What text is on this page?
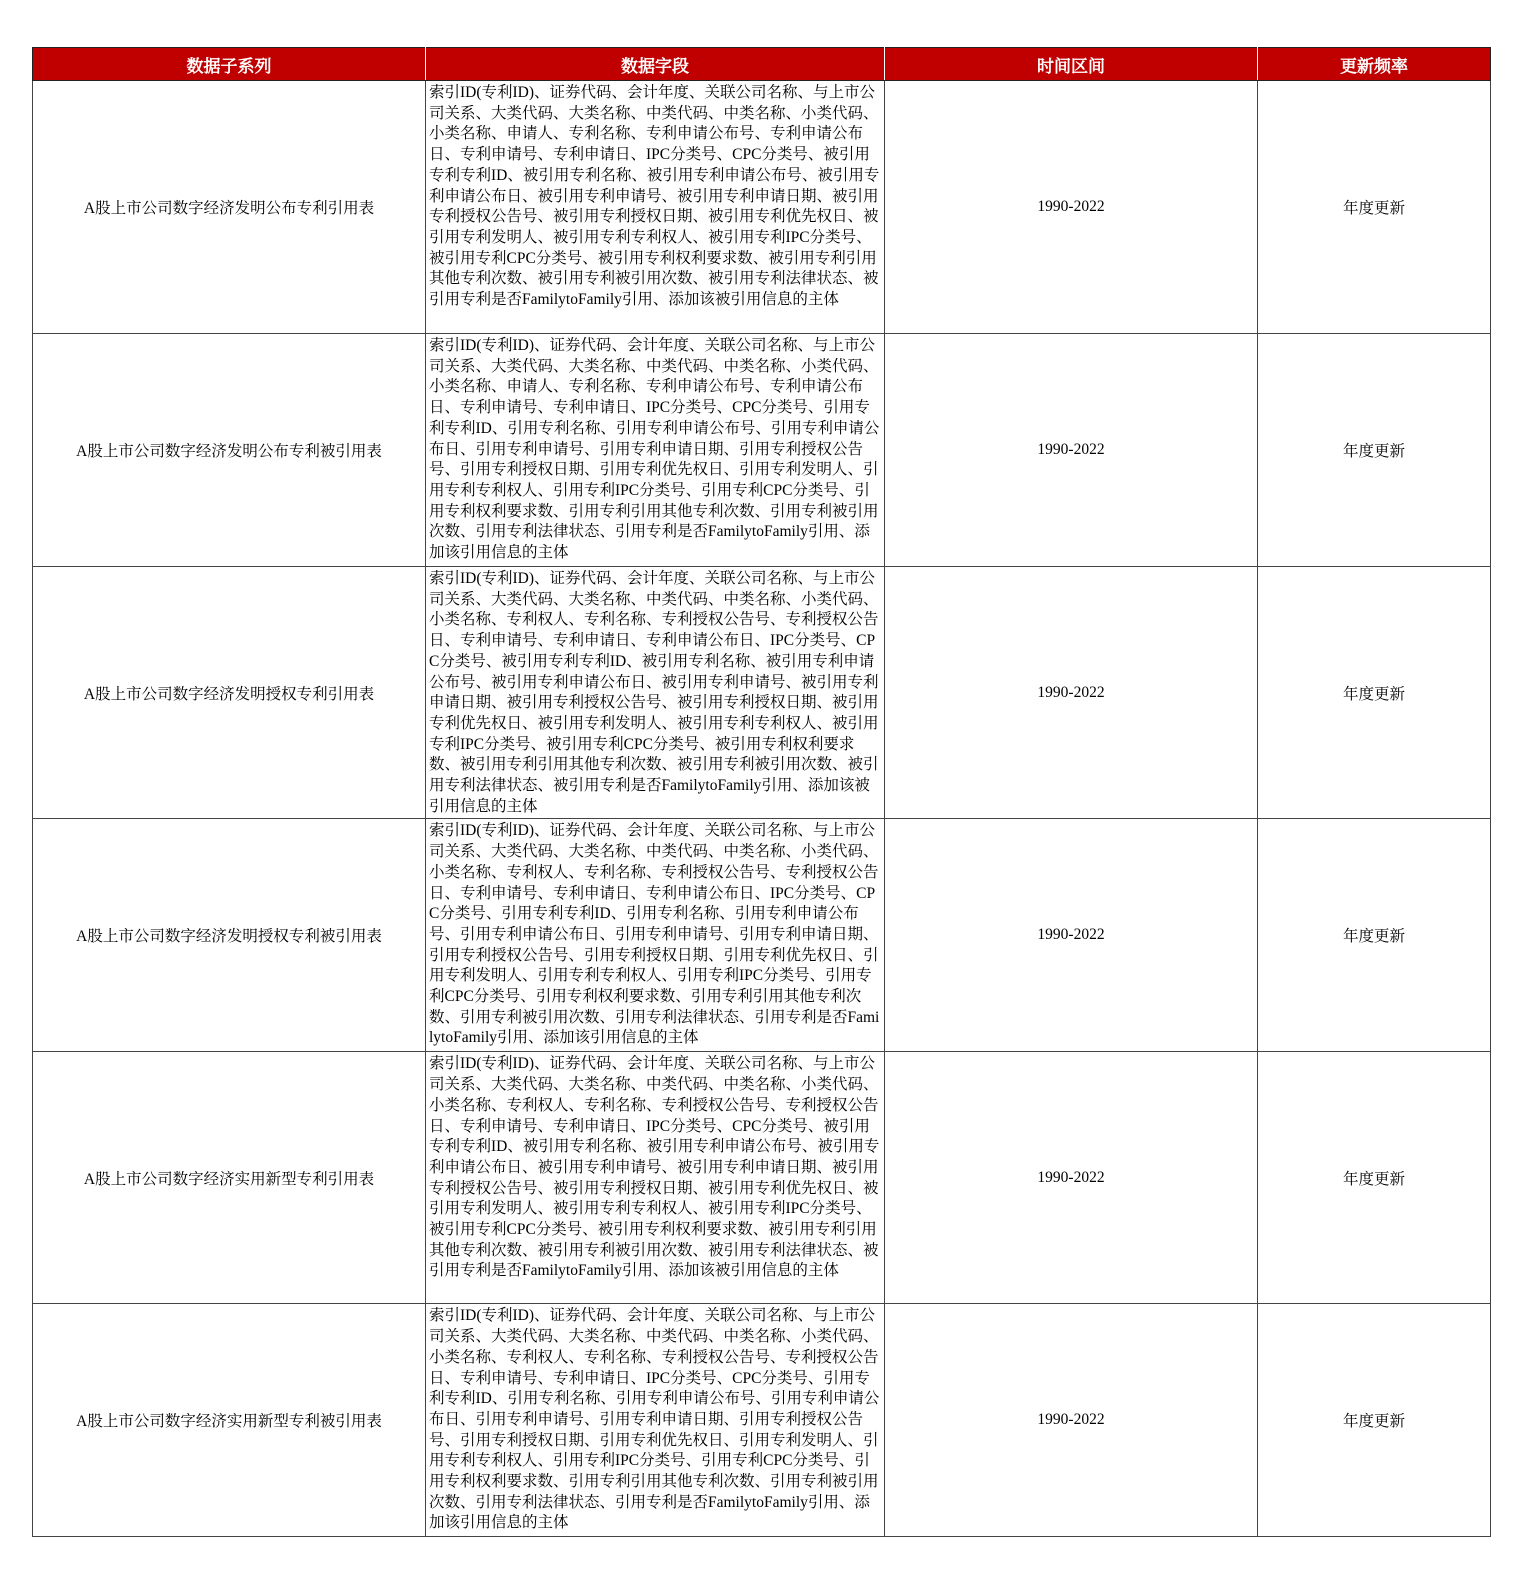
数据子系列	数据字段	时间区间	更新频率
A股上市公司数字经济发明公布专利引用表	索引ID(专利ID)、证券代码、会计年度、关联公司名称、与上市公司关系、大类代码、大类名称、中类代码、中类名称、小类代码、小类名称、申请人、专利名称、专利申请公布号、专利申请公布日、专利申请号、专利申请日、IPC分类号、CPC分类号、被引用专利专利ID、被引用专利名称、被引用专利申请公布号、被引用专利申请公布日、被引用专利申请号、被引用专利申请日期、被引用专利授权公告号、被引用专利授权日期、被引用专利优先权日、被引用专利发明人、被引用专利专利权人、被引用专利IPC分类号、被引用专利CPC分类号、被引用专利权利要求数、被引用专利引用其他专利次数、被引用专利被引用次数、被引用专利法律状态、被引用专利是否FamilytoFamily引用、添加该被引用信息的主体	1990-2022	年度更新
A股上市公司数字经济发明公布专利被引用表	索引ID(专利ID)、证券代码、会计年度、关联公司名称、与上市公司关系、大类代码、大类名称、中类代码、中类名称、小类代码、小类名称、申请人、专利名称、专利申请公布号、专利申请公布日、专利申请号、专利申请日、IPC分类号、CPC分类号、引用专利专利ID、引用专利名称、引用专利申请公布号、引用专利申请公布日、引用专利申请号、引用专利申请日期、引用专利授权公告号、引用专利授权日期、引用专利优先权日、引用专利发明人、引用专利专利权人、引用专利IPC分类号、引用专利CPC分类号、引用专利权利要求数、引用专利引用其他专利次数、引用专利被引用次数、引用专利法律状态、引用专利是否FamilytoFamily引用、添加该引用信息的主体	1990-2022	年度更新
A股上市公司数字经济发明授权专利引用表	索引ID(专利ID)、证券代码、会计年度、关联公司名称、与上市公司关系、大类代码、大类名称、中类代码、中类名称、小类代码、小类名称、专利权人、专利名称、专利授权公告号、专利授权公告日、专利申请号、专利申请日、专利申请公布日、IPC分类号、CPC分类号、被引用专利专利ID、被引用专利名称、被引用专利申请公布号、被引用专利申请公布日、被引用专利申请号、被引用专利申请日期、被引用专利授权公告号、被引用专利授权日期、被引用专利优先权日、被引用专利发明人、被引用专利专利权人、被引用专利IPC分类号、被引用专利CPC分类号、被引用专利权利要求数、被引用专利引用其他专利次数、被引用专利被引用次数、被引用专利法律状态、被引用专利是否FamilytoFamily引用、添加该被引用信息的主体	1990-2022	年度更新
A股上市公司数字经济发明授权专利被引用表	索引ID(专利ID)、证券代码、会计年度、关联公司名称、与上市公司关系、大类代码、大类名称、中类代码、中类名称、小类代码、小类名称、专利权人、专利名称、专利授权公告号、专利授权公告日、专利申请号、专利申请日、专利申请公布日、IPC分类号、CPC分类号、引用专利专利ID、引用专利名称、引用专利申请公布号、引用专利申请公布日、引用专利申请号、引用专利申请日期、引用专利授权公告号、引用专利授权日期、引用专利优先权日、引用专利发明人、引用专利专利权人、引用专利IPC分类号、引用专利CPC分类号、引用专利权利要求数、引用专利引用其他专利次数、引用专利被引用次数、引用专利法律状态、引用专利是否FamilytoFamily引用、添加该引用信息的主体	1990-2022	年度更新
A股上市公司数字经济实用新型专利引用表	索引ID(专利ID)、证券代码、会计年度、关联公司名称、与上市公司关系、大类代码、大类名称、中类代码、中类名称、小类代码、小类名称、专利权人、专利名称、专利授权公告号、专利授权公告日、专利申请号、专利申请日、IPC分类号、CPC分类号、被引用专利专利ID、被引用专利名称、被引用专利申请公布号、被引用专利申请公布日、被引用专利申请号、被引用专利申请日期、被引用专利授权公告号、被引用专利授权日期、被引用专利优先权日、被引用专利发明人、被引用专利专利权人、被引用专利IPC分类号、被引用专利CPC分类号、被引用专利权利要求数、被引用专利引用其他专利次数、被引用专利被引用次数、被引用专利法律状态、被引用专利是否FamilytoFamily引用、添加该被引用信息的主体	1990-2022	年度更新
A股上市公司数字经济实用新型专利被引用表	索引ID(专利ID)、证券代码、会计年度、关联公司名称、与上市公司关系、大类代码、大类名称、中类代码、中类名称、小类代码、小类名称、专利权人、专利名称、专利授权公告号、专利授权公告日、专利申请号、专利申请日、IPC分类号、CPC分类号、引用专利专利ID、引用专利名称、引用专利申请公布号、引用专利申请公布日、引用专利申请号、引用专利申请日期、引用专利授权公告号、引用专利授权日期、引用专利优先权日、引用专利发明人、引用专利专利权人、引用专利IPC分类号、引用专利CPC分类号、引用专利权利要求数、引用专利引用其他专利次数、引用专利被引用次数、引用专利法律状态、引用专利是否FamilytoFamily引用、添加该引用信息的主体	1990-2022	年度更新
